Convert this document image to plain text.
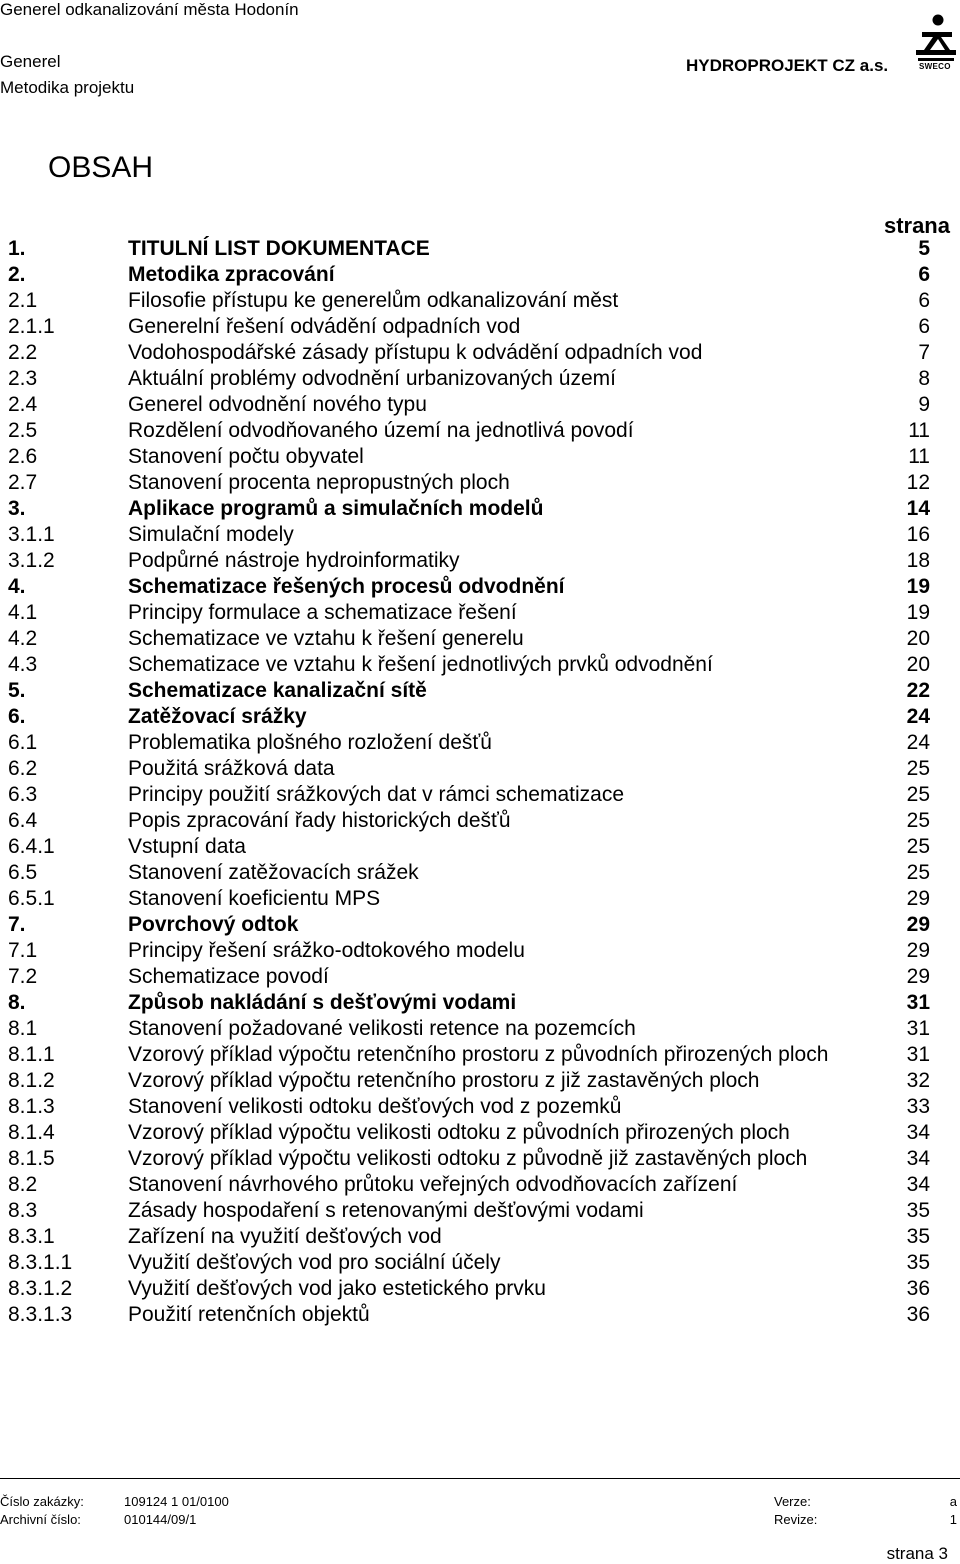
Generel odkanalizování města Hodonín
Generel
Metodika projektu
HYDROPROJEKT CZ a.s.	SWECO
OBSAH
strana
1.	TITULNÍ LIST DOKUMENTACE	5
2.	Metodika zpracování	6
2.1	Filosofie přístupu ke generelům odkanalizování měst	6
2.1.1	Generelní řešení odvádění odpadních vod	6
2.2	Vodohospodářské zásady přístupu k odvádění odpadních vod	7
2.3	Aktuální problémy odvodnění urbanizovaných území	8
2.4	Generel odvodnění nového typu	9
2.5	Rozdělení odvodňovaného území na jednotlivá povodí	11
2.6	Stanovení počtu obyvatel	11
2.7	Stanovení procenta nepropustných ploch	12
3.	Aplikace programů a simulačních modelů	14
3.1.1	Simulační modely	16
3.1.2	Podpůrné nástroje hydroinformatiky	18
4.	Schematizace řešených procesů odvodnění	19
4.1	Principy formulace a schematizace řešení	19
4.2	Schematizace ve vztahu k řešení generelu	20
4.3	Schematizace ve vztahu k řešení jednotlivých prvků odvodnění	20
5.	Schematizace kanalizační sítě	22
6.	Zatěžovací srážky	24
6.1	Problematika plošného rozložení dešťů	24
6.2	Použitá srážková data	25
6.3	Principy použití srážkových dat v rámci schematizace	25
6.4	Popis zpracování řady historických dešťů	25
6.4.1	Vstupní data	25
6.5	Stanovení zatěžovacích srážek	25
6.5.1	Stanovení koeficientu MPS	29
7.	Povrchový odtok	29
7.1	Principy řešení srážko-odtokového modelu	29
7.2	Schematizace povodí	29
8.	Způsob nakládání s dešťovými vodami	31
8.1	Stanovení požadované velikosti retence na pozemcích	31
8.1.1	Vzorový příklad výpočtu retenčního prostoru z původních přirozených ploch	31
8.1.2	Vzorový příklad výpočtu retenčního prostoru z již zastavěných ploch	32
8.1.3	Stanovení velikosti odtoku dešťových vod z pozemků	33
8.1.4	Vzorový příklad výpočtu velikosti odtoku z původních přirozených ploch	34
8.1.5	Vzorový příklad výpočtu velikosti odtoku z původně již zastavěných ploch	34
8.2	Stanovení návrhového průtoku veřejných odvodňovacích zařízení	34
8.3	Zásady hospodaření s retenovanými dešťovými vodami	35
8.3.1	Zařízení na využití dešťových vod	35
8.3.1.1	Využití dešťových vod pro sociální účely	35
8.3.1.2	Využití dešťových vod jako estetického prvku	36
8.3.1.3	Použití retenčních objektů	36
Číslo zakázky:	109124 1 01/0100	Verze:	a
Archivní číslo:	010144/09/1	Revize:	1
strana 3
